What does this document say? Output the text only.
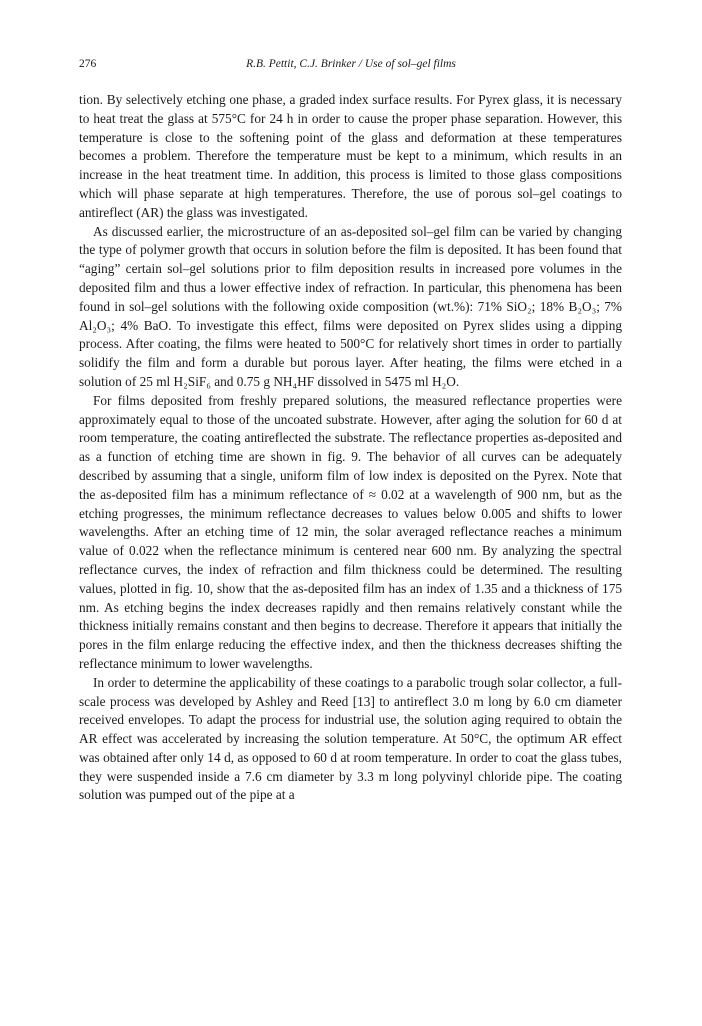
276	R.B. Pettit, C.J. Brinker / Use of sol–gel films

tion. By selectively etching one phase, a graded index surface results. For Pyrex glass, it is necessary to heat treat the glass at 575°C for 24 h in order to cause the proper phase separation. However, this temperature is close to the softening point of the glass and deformation at these temperatures becomes a problem. Therefore the temperature must be kept to a minimum, which results in an increase in the heat treatment time. In addition, this process is limited to those glass compositions which will phase separate at high temperatures. Therefore, the use of porous sol–gel coatings to antireflect (AR) the glass was investigated.

As discussed earlier, the microstructure of an as-deposited sol–gel film can be varied by changing the type of polymer growth that occurs in solution before the film is deposited. It has been found that “aging” certain sol–gel solutions prior to film deposition results in increased pore volumes in the deposited film and thus a lower effective index of refraction. In particular, this phenomena has been found in sol–gel solutions with the following oxide composition (wt.%): 71% SiO₂; 18% B₂O₃; 7% Al₂O₃; 4% BaO. To investigate this effect, films were deposited on Pyrex slides using a dipping process. After coating, the films were heated to 500°C for relatively short times in order to partially solidify the film and form a durable but porous layer. After heating, the films were etched in a solution of 25 ml H₂SiF₆ and 0.75 g NH₄HF dissolved in 5475 ml H₂O.

For films deposited from freshly prepared solutions, the measured reflectance properties were approximately equal to those of the uncoated substrate. However, after aging the solution for 60 d at room temperature, the coating antireflected the substrate. The reflectance properties as-deposited and as a function of etching time are shown in fig. 9. The behavior of all curves can be adequately described by assuming that a single, uniform film of low index is deposited on the Pyrex. Note that the as-deposited film has a minimum reflectance of ≈ 0.02 at a wavelength of 900 nm, but as the etching progresses, the minimum reflectance decreases to values below 0.005 and shifts to lower wavelengths. After an etching time of 12 min, the solar averaged reflectance reaches a minimum value of 0.022 when the reflectance minimum is centered near 600 nm. By analyzing the spectral reflectance curves, the index of refraction and film thickness could be determined. The resulting values, plotted in fig. 10, show that the as-deposited film has an index of 1.35 and a thickness of 175 nm. As etching begins the index decreases rapidly and then remains relatively constant while the thickness initially remains constant and then begins to decrease. Therefore it appears that initially the pores in the film enlarge reducing the effective index, and then the thickness decreases shifting the reflectance minimum to lower wavelengths.

In order to determine the applicability of these coatings to a parabolic trough solar collector, a full-scale process was developed by Ashley and Reed [13] to antireflect 3.0 m long by 6.0 cm diameter received envelopes. To adapt the process for industrial use, the solution aging required to obtain the AR effect was accelerated by increasing the solution temperature. At 50°C, the optimum AR effect was obtained after only 14 d, as opposed to 60 d at room temperature. In order to coat the glass tubes, they were suspended inside a 7.6 cm diameter by 3.3 m long polyvinyl chloride pipe. The coating solution was pumped out of the pipe at a
